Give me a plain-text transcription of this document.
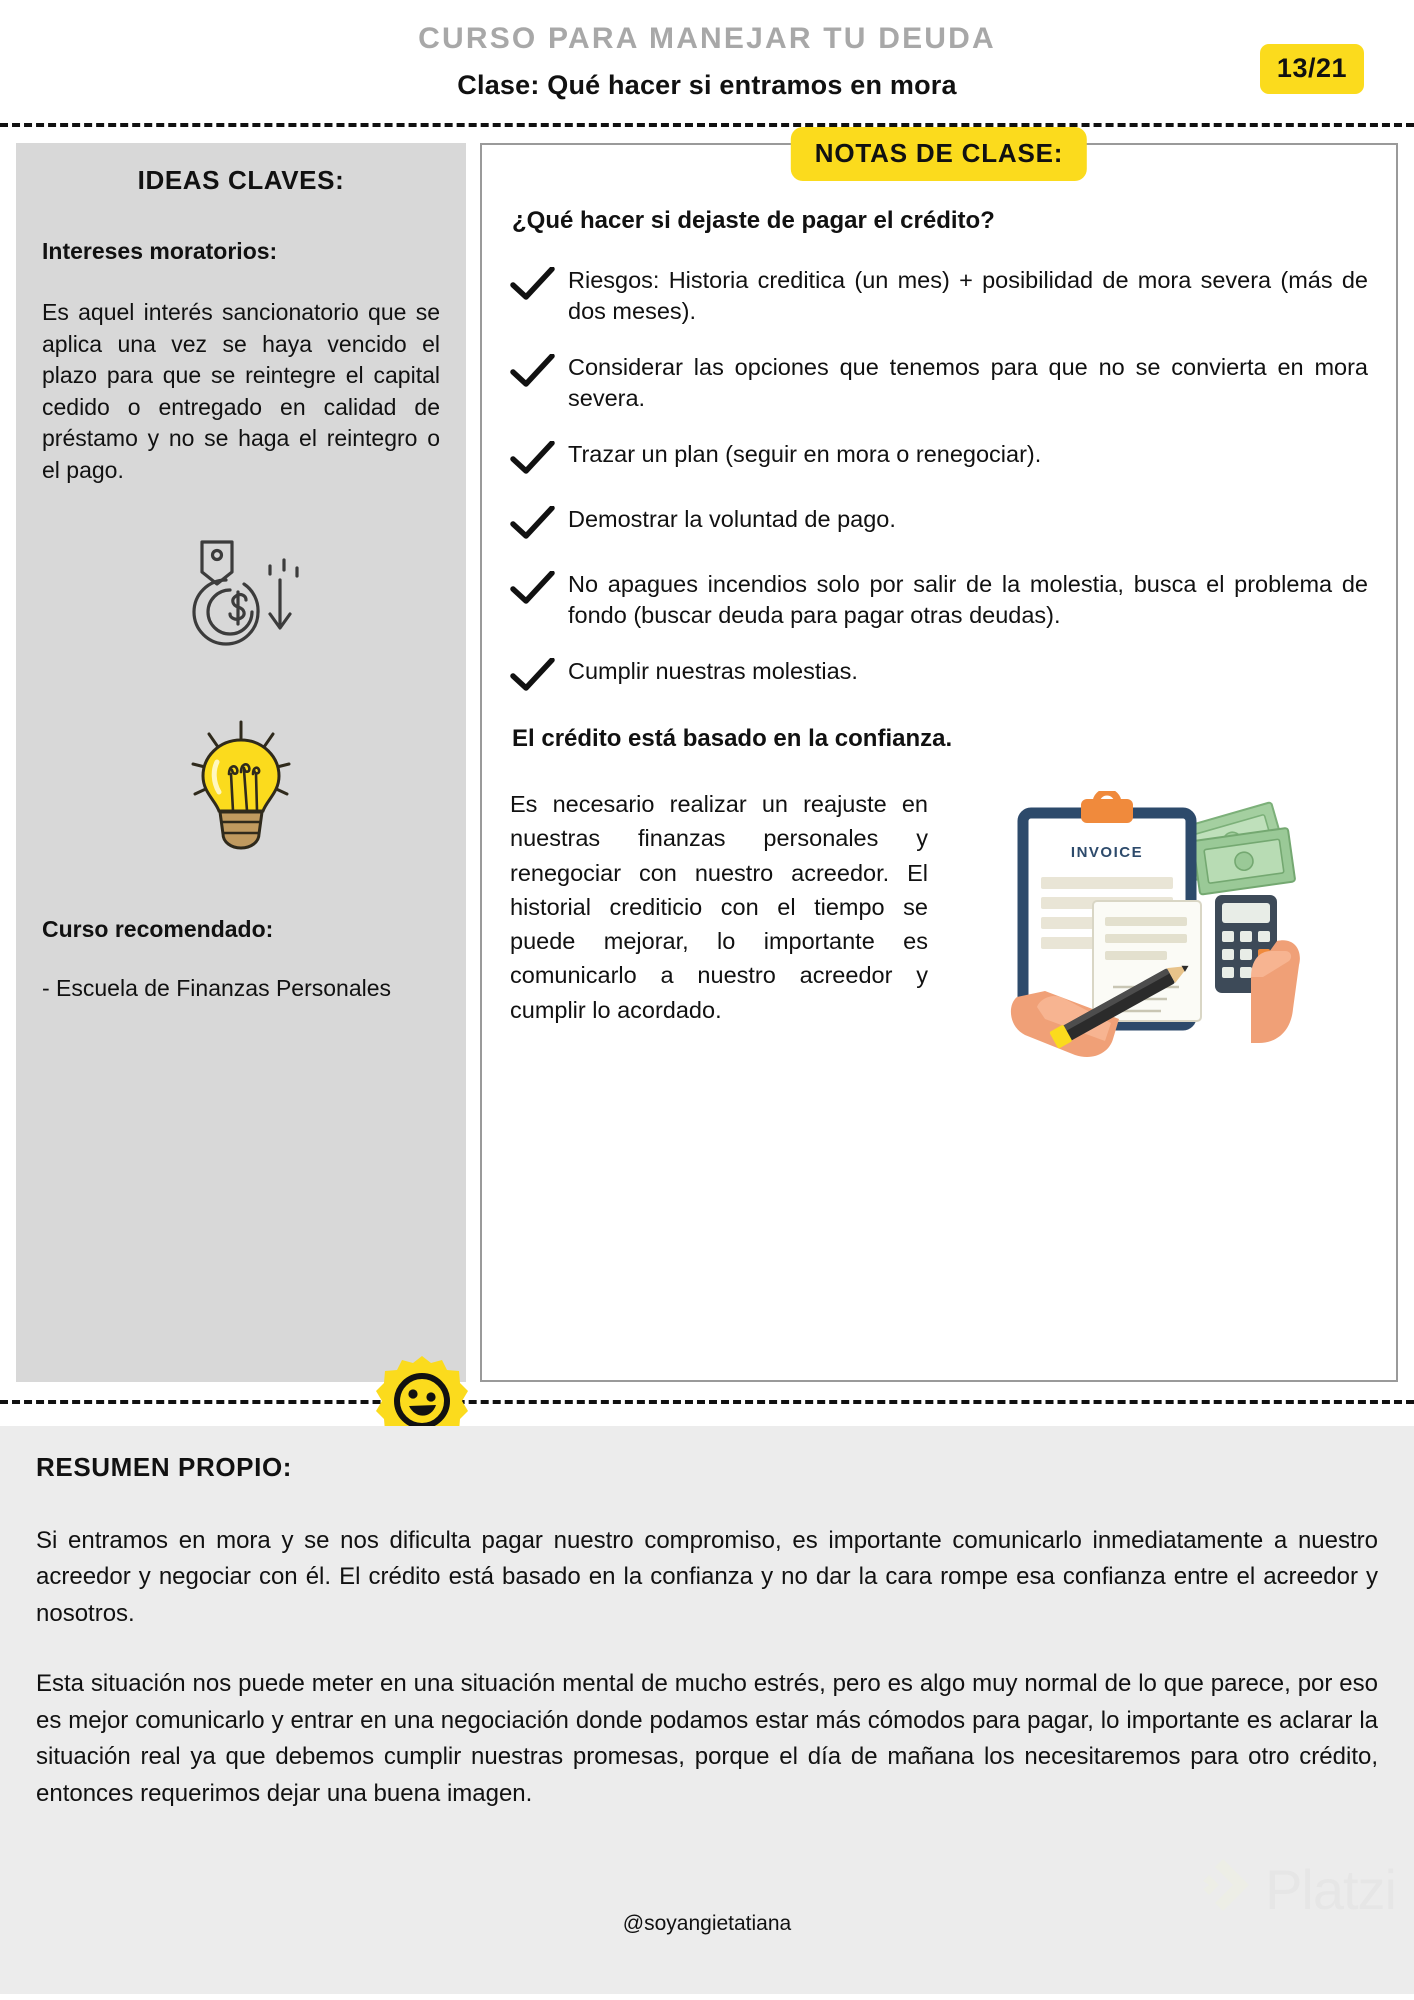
CURSO PARA MANEJAR TU DEUDA
Clase: Qué hacer si entramos en mora
13/21
IDEAS CLAVES:
Intereses moratorios:
Es aquel interés sancionatorio que se aplica una vez se haya vencido el plazo para que se reintegre el capital cedido o entregado en calidad de préstamo y no se haga el reintegro o el pago.
Curso recomendado:
- Escuela de Finanzas Personales
NOTAS DE CLASE:
¿Qué hacer si dejaste de pagar el crédito?
Riesgos: Historia creditica (un mes) + posibilidad de mora severa (más de dos meses).
Considerar las opciones que tenemos para que no se convierta en mora severa.
Trazar un plan (seguir en mora o renegociar).
Demostrar la voluntad de pago.
No apagues incendios solo por salir de la molestia, busca el problema de fondo (buscar deuda para pagar otras deudas).
Cumplir nuestras molestias.
El crédito está basado en la confianza.
Es necesario realizar un reajuste en nuestras finanzas personales y renegociar con nuestro acreedor. El historial crediticio con el tiempo se puede mejorar, lo importante es comunicarlo a nuestro acreedor y cumplir lo acordado.
INVOICE
RESUMEN PROPIO:
Si entramos en mora y se nos dificulta pagar nuestro compromiso, es importante comunicarlo inmediatamente a nuestro acreedor y negociar con él. El crédito está basado en la confianza y no dar la cara rompe esa confianza entre el acreedor y nosotros.
Esta situación nos puede meter en una situación mental de mucho estrés, pero es algo muy normal de lo que parece, por eso es mejor comunicarlo y entrar en una negociación donde podamos estar más cómodos para pagar, lo importante es aclarar la situación real ya que debemos cumplir nuestras promesas, porque el día de mañana los necesitaremos para otro crédito, entonces requerimos dejar una buena imagen.
@soyangietatiana
Platzi
